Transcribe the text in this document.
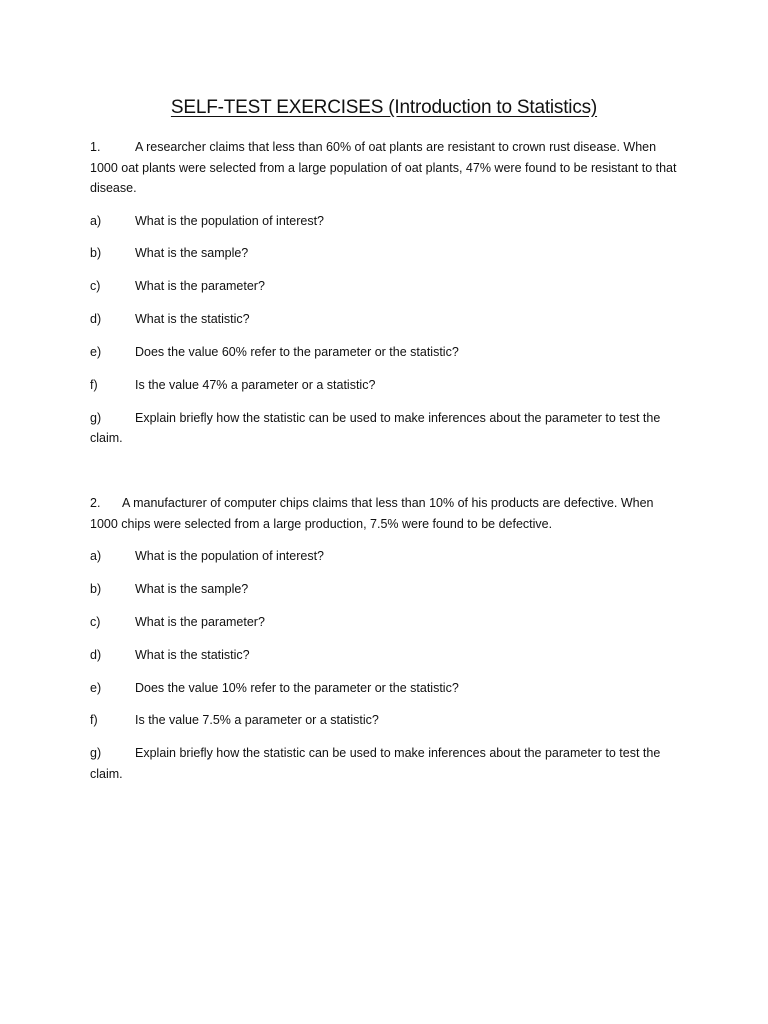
SELF-TEST EXERCISES (Introduction to Statistics)

1.	A researcher claims that less than 60% of oat plants are resistant to crown rust disease. When 1000 oat plants were selected from a large population of oat plants, 47% were found to be resistant to that disease.

a)	What is the population of interest?

b)	What is the sample?

c)	What is the parameter?

d)	What is the statistic?

e)	Does the value 60% refer to the parameter or the statistic?

f)	Is the value 47% a parameter or a statistic?

g)	Explain briefly how the statistic can be used to make inferences about the parameter to test the claim.

2. A manufacturer of computer chips claims that less than 10% of his products are defective. When 1000 chips were selected from a large production, 7.5% were found to be defective.

a)	What is the population of interest?

b)	What is the sample?

c)	What is the parameter?

d)	What is the statistic?

e)	Does the value 10% refer to the parameter or the statistic?

f)	Is the value 7.5% a parameter or a statistic?

g)	Explain briefly how the statistic can be used to make inferences about the parameter to test the claim.
